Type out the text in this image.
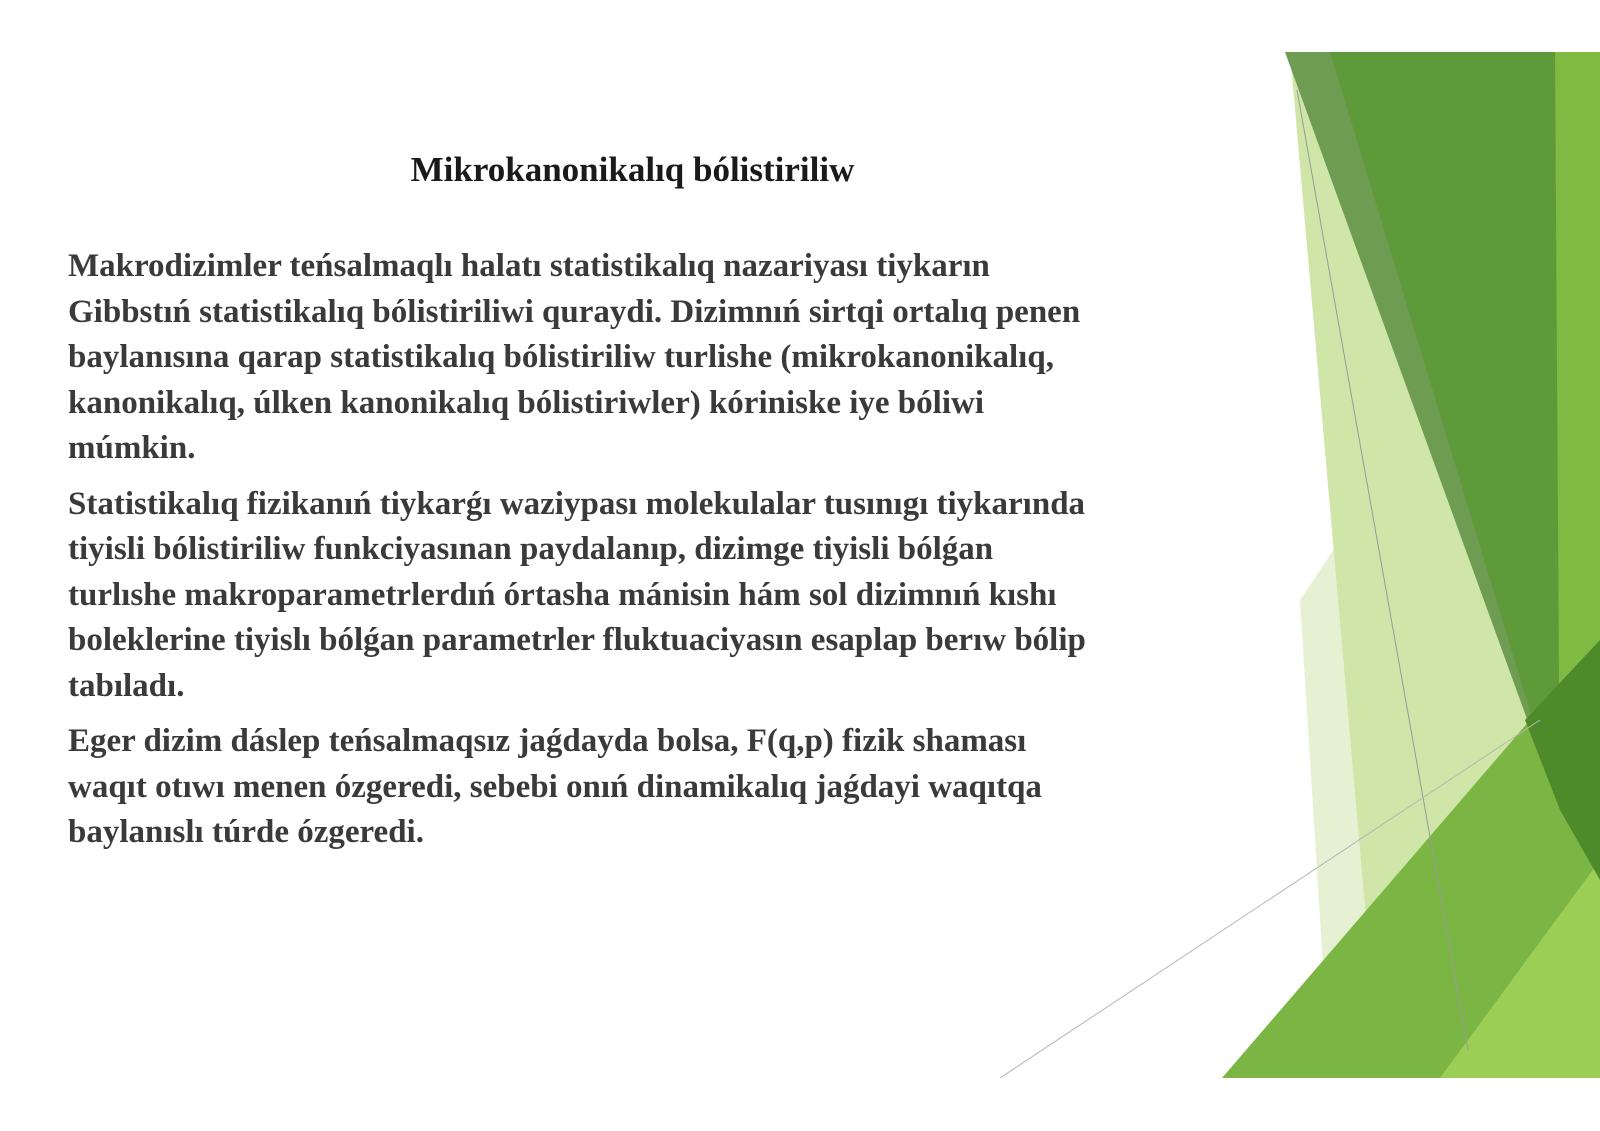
Mikrokanonikalıq bólistiriliw
Makrodizimler teńsalmaqlı halatı statistikalıq nazariyası tiykarın
Gibbstıń statistikalıq bólistiriliwi quraydi. Dizimnıń sirtqi ortalıq penen
baylanısına qarap statistikalıq bólistiriliw turlishe (mikrokanonikalıq,
kanonikalıq, úlken kanonikalıq bólistiriwler) kóriniske iye bóliwi
múmkin.
Statistikalıq fizikanıń tiykarǵı waziypası molekulalar tusınıgı tiykarında
tiyisli bólistiriliw funkciyasınan paydalanıp, dizimge tiyisli bólǵan
turlıshe makroparametrlerdıń órtasha mánisin hám sol dizimnıń kıshı
boleklerine tiyislı bólǵan parametrler fluktuaciyasın esaplap berıw bólip
tabıladı.
Eger dizim dáslep teńsalmaqsız jaǵdayda bolsa, F(q,p) fizik shaması
waqıt otıwı menen ózgeredi, sebebi onıń dinamikalıq jaǵdayi waqıtqa
baylanıslı túrde ózgeredi.
